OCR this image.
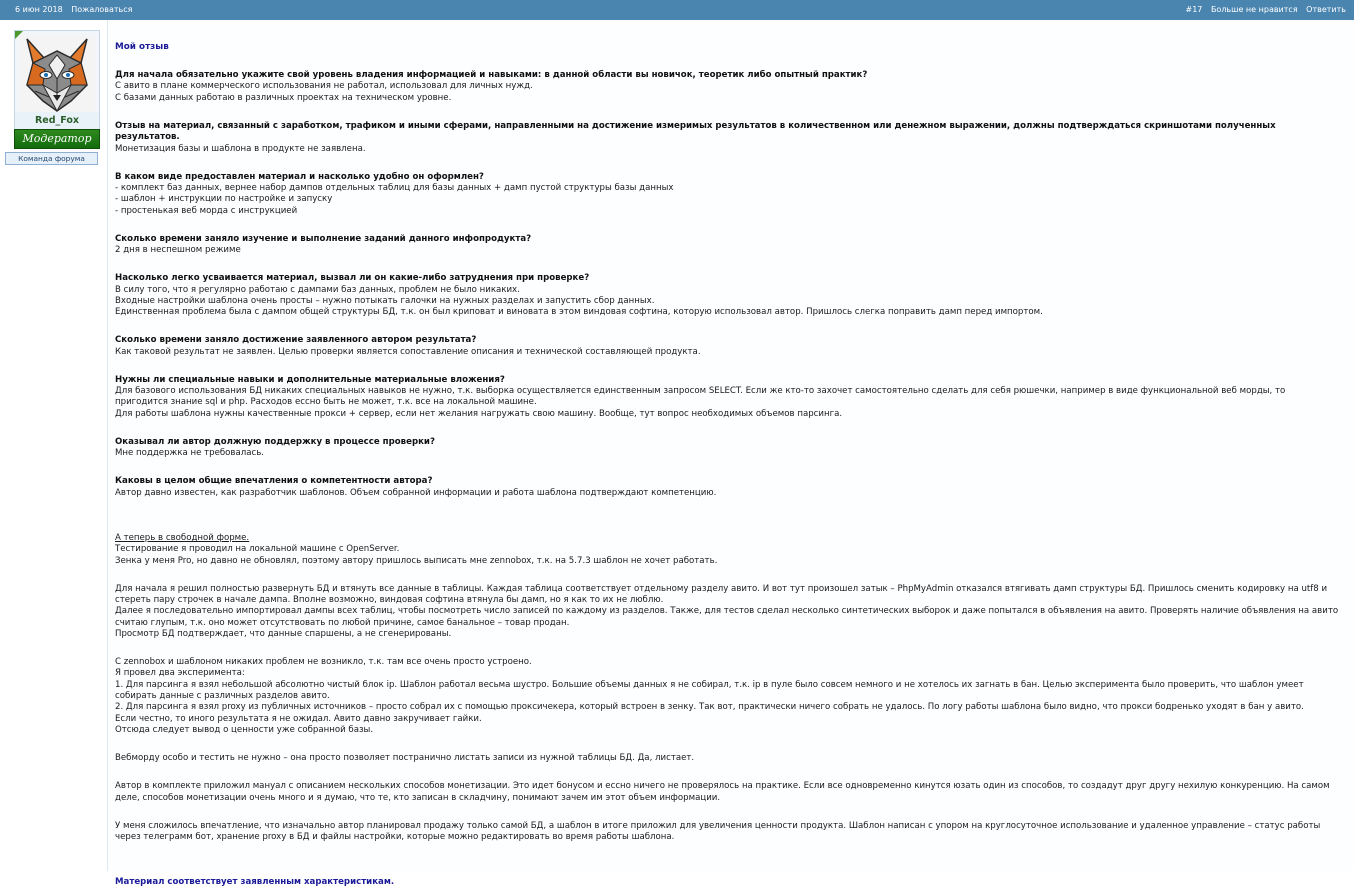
6 июн 2018 Пожаловаться	#17 Больше не нравится Ответить
Red_Fox
Модератор
Команда форума

Мой отзыв

Для начала обязательно укажите свой уровень владения информацией и навыками: в данной области вы новичок, теоретик либо опытный практик?

С авито в плане коммерческого использования не работал, использовал для личных нужд.

С базами данных работаю в различных проектах на техническом уровне.

Отзыв на материал, связанный с заработком, трафиком и иными сферами, направленными на достижение измеримых результатов в количественном или денежном выражении, должны подтверждаться скриншотами полученных результатов.

Монетизация базы и шаблона в продукте не заявлена.

В каком виде предоставлен материал и насколько удобно он оформлен?

- комплект баз данных, вернее набор дампов отдельных таблиц для базы данных + дамп пустой структуры базы данных

- шаблон + инструкции по настройке и запуску

- простенькая веб морда с инструкцией

Сколько времени заняло изучение и выполнение заданий данного инфопродукта?

2 дня в неспешном режиме

Насколько легко усваивается материал, вызвал ли он какие-либо затруднения при проверке?

В силу того, что я регулярно работаю с дампами баз данных, проблем не было никаких.

Входные настройки шаблона очень просты – нужно потыкать галочки на нужных разделах и запустить сбор данных.

Единственная проблема была с дампом общей структуры БД, т.к. он был криповат и виновата в этом виндовая софтина, которую использовал автор. Пришлось слегка поправить дамп перед импортом.

Сколько времени заняло достижение заявленного автором результата?

Как таковой результат не заявлен. Целью проверки является сопоставление описания и технической составляющей продукта.

Нужны ли специальные навыки и дополнительные материальные вложения?

Для базового использования БД никаких специальных навыков не нужно, т.к. выборка осуществляется единственным запросом SELECT. Если же кто-то захочет самостоятельно сделать для себя рюшечки, например в виде функциональной веб морды, то пригодится знание sql и php. Расходов ессно быть не может, т.к. все на локальной машине.

Для работы шаблона нужны качественные прокси + сервер, если нет желания нагружать свою машину. Вообще, тут вопрос необходимых объемов парсинга.

Оказывал ли автор должную поддержку в процессе проверки?

Мне поддержка не требовалась.

Каковы в целом общие впечатления о компетентности автора?

Автор давно известен, как разработчик шаблонов. Объем собранной информации и работа шаблона подтверждают компетенцию.

А теперь в свободной форме.

Тестирование я проводил на локальной машине с OpenServer.

Зенка у меня Pro, но давно не обновлял, поэтому автору пришлось выписать мне zennobox, т.к. на 5.7.3 шаблон не хочет работать.

Для начала я решил полностью развернуть БД и втянуть все данные в таблицы. Каждая таблица соответствует отдельному разделу авито. И вот тут произошел затык – PhpMyAdmin отказался втягивать дамп структуры БД. Пришлось сменить кодировку на utf8 и стереть пару строчек в начале дампа. Вполне возможно, виндовая софтина втянула бы дамп, но я как то их не люблю.

Далее я последовательно импортировал дампы всех таблиц, чтобы посмотреть число записей по каждому из разделов. Также, для тестов сделал несколько синтетических выборок и даже попытался в объявления на авито. Проверять наличие объявления на авито считаю глупым, т.к. оно может отсутствовать по любой причине, самое банальное – товар продан.

Просмотр БД подтверждает, что данные спаршены, а не сгенерированы.

С zennobox и шаблоном никаких проблем не возникло, т.к. там все очень просто устроено.

Я провел два эксперимента:

1. Для парсинга я взял небольшой абсолютно чистый блок ip. Шаблон работал весьма шустро. Большие объемы данных я не собирал, т.к. ip в пуле было совсем немного и не хотелось их загнать в бан. Целью эксперимента было проверить, что шаблон умеет собирать данные с различных разделов авито.

2. Для парсинга я взял proxy из публичных источников – просто собрал их с помощью проксичекера, который встроен в зенку. Так вот, практически ничего собрать не удалось. По логу работы шаблона было видно, что прокси бодренько уходят в бан у авито.

Если честно, то иного результата я не ожидал. Авито давно закручивает гайки.

Отсюда следует вывод о ценности уже собранной базы.

Вебморду особо и тестить не нужно – она просто позволяет постранично листать записи из нужной таблицы БД. Да, листает.

Автор в комплекте приложил мануал с описанием нескольких способов монетизации. Это идет бонусом и ессно ничего не проверялось на практике. Если все одновременно кинутся юзать один из способов, то создадут друг другу нехилую конкуренцию. На самом деле, способов монетизации очень много и я думаю, что те, кто записан в складчину, понимают зачем им этот объем информации.

У меня сложилось впечатление, что изначально автор планировал продажу только самой БД, а шаблон в итоге приложил для увеличения ценности продукта. Шаблон написан с упором на круглосуточное использование и удаленное управление – статус работы через телеграмм бот, хранение proxy в БД и файлы настройки, которые можно редактировать во время работы шаблона.

Материал соответствует заявленным характеристикам.
